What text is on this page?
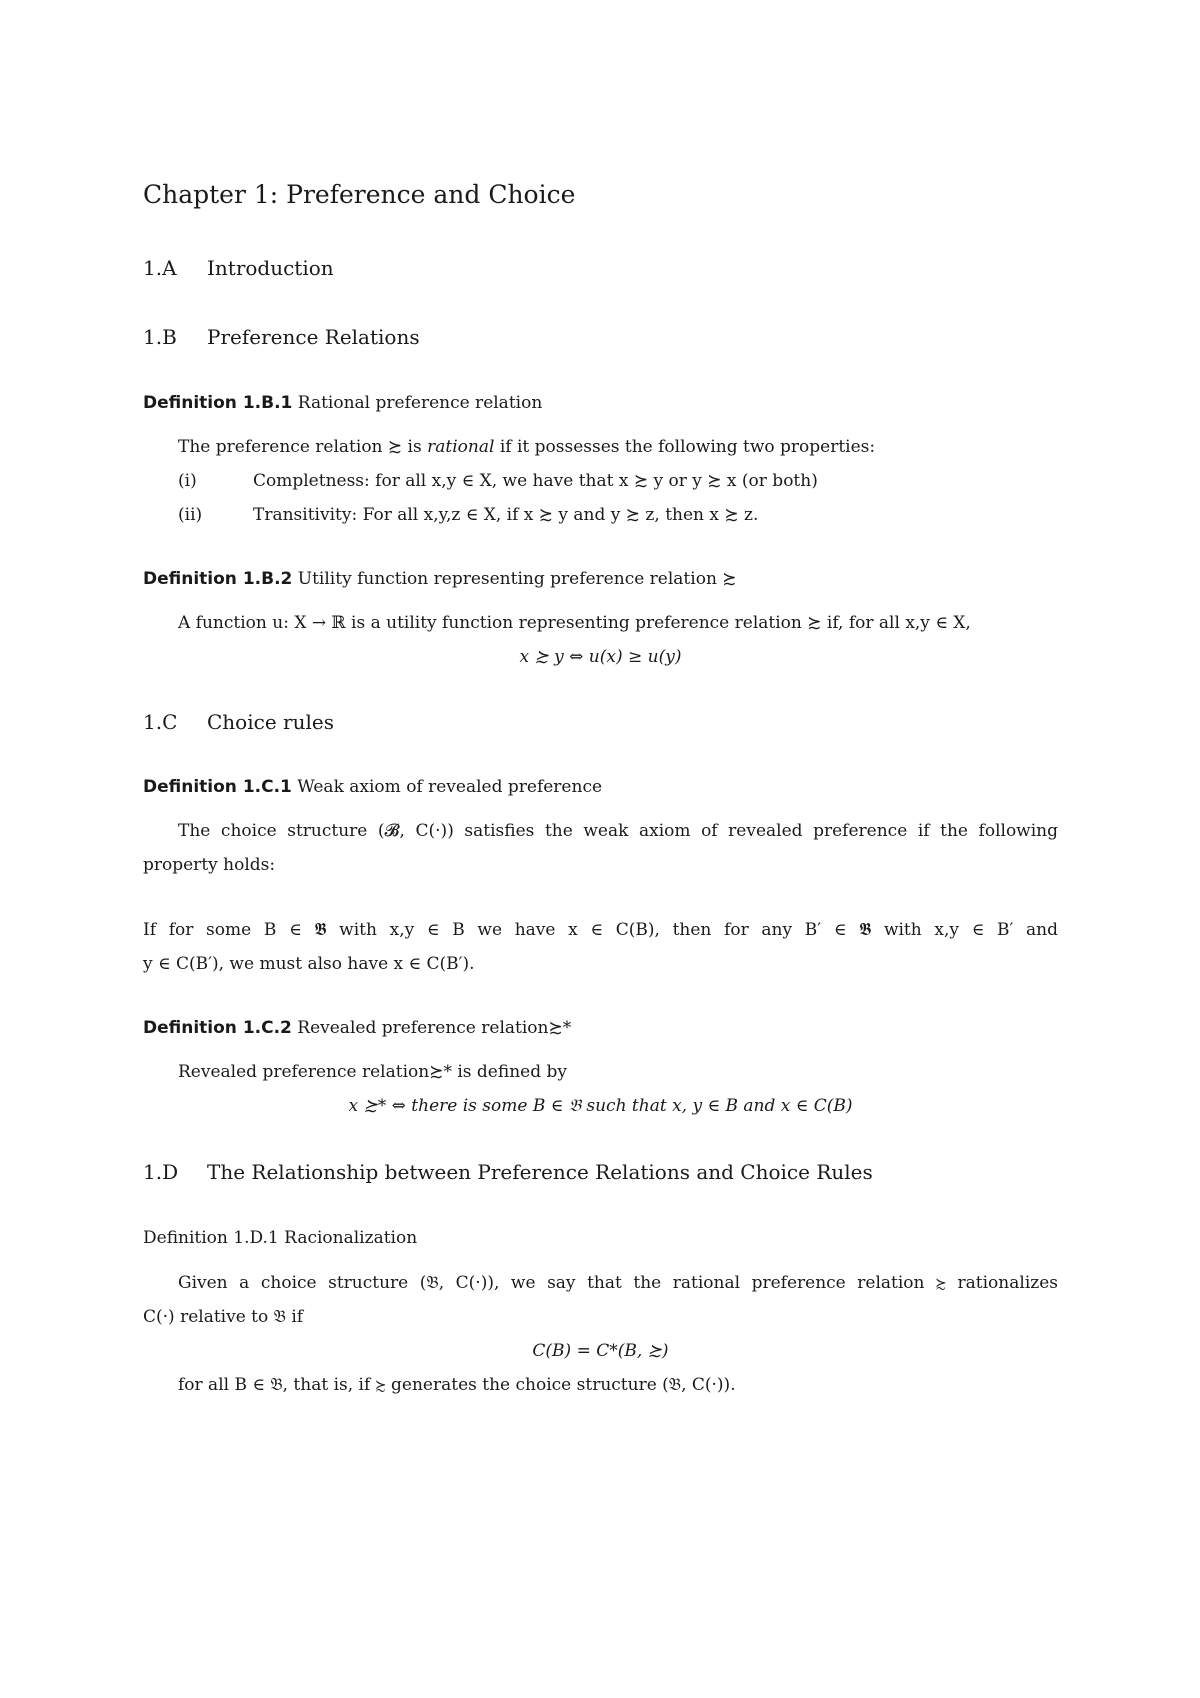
Chapter 1: Preference and Choice
1.A Introduction
1.B Preference Relations
Definition 1.B.1 Rational preference relation
The preference relation ≿ is rational if it possesses the following two properties:
(i)	Completness: for all x,y ∈ X, we have that x ≿ y or y ≿ x (or both)
(ii)	Transitivity: For all x,y,z ∈ X, if x ≿ y and y ≿ z, then x ≿ z.
Definition 1.B.2 Utility function representing preference relation ≿
A function u: X → ℝ is a utility function representing preference relation ≿ if, for all x,y ∈ X,
x ≿ y ⇔ u(x) ≥ u(y)
1.C Choice rules
Definition 1.C.1 Weak axiom of revealed preference
The choice structure (𝓑, C(·)) satisfies the weak axiom of revealed preference if the following
property holds:
If for some B ∈ 𝕭 with x,y ∈ B we have x ∈ C(B), then for any B′ ∈ 𝕭 with x,y ∈ B′ and
y ∈ C(B′), we must also have x ∈ C(B′).
Definition 1.C.2 Revealed preference relation≿*
Revealed preference relation≿* is defined by
x ≿* ⇔ there is some B ∈ 𝔅 such that x, y ∈ B and x ∈ C(B)
1.D The Relationship between Preference Relations and Choice Rules
Definition 1.D.1 Racionalization
Given a choice structure (𝔅, C(·)), we say that the rational preference relation ≿ rationalizes
C(·) relative to 𝔅 if
C(B) = C*(B, ≿)
for all B ∈ 𝔅, that is, if ≿ generates the choice structure (𝔅, C(·)).
